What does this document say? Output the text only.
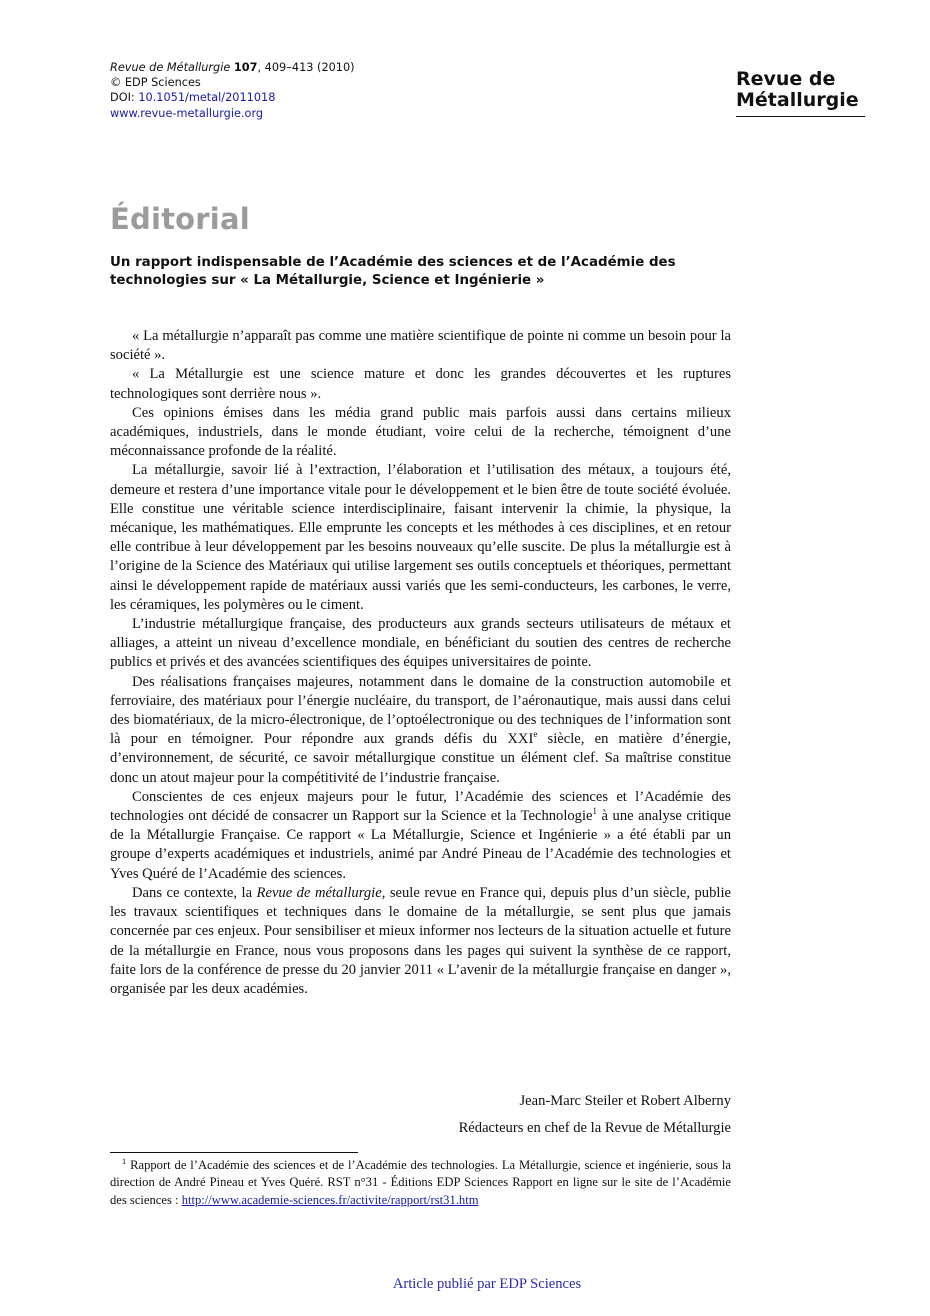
Revue de Métallurgie 107, 409–413 (2010)
© EDP Sciences
DOI: 10.1051/metal/2011018
www.revue-metallurgie.org
Revue de
Métallurgie
Éditorial
Un rapport indispensable de l’Académie des sciences et de l’Académie des technologies sur « La Métallurgie, Science et Ingénierie »

« La métallurgie n’apparaît pas comme une matière scientifique de pointe ni comme un besoin pour la société ».

« La Métallurgie est une science mature et donc les grandes découvertes et les ruptures technologiques sont derrière nous ».

Ces opinions émises dans les média grand public mais parfois aussi dans certains milieux académiques, industriels, dans le monde étudiant, voire celui de la recherche, témoignent d’une méconnaissance profonde de la réalité.

La métallurgie, savoir lié à l’extraction, l’élaboration et l’utilisation des métaux, a toujours été, demeure et restera d’une importance vitale pour le développement et le bien être de toute société évoluée. Elle constitue une véritable science interdisciplinaire, faisant intervenir la chimie, la physique, la mécanique, les mathématiques. Elle emprunte les concepts et les méthodes à ces disciplines, et en retour elle contribue à leur développement par les besoins nouveaux qu’elle suscite. De plus la métallurgie est à l’origine de la Science des Matériaux qui utilise largement ses outils conceptuels et théoriques, permettant ainsi le développement rapide de matériaux aussi variés que les semi-conducteurs, les carbones, le verre, les céramiques, les polymères ou le ciment.

L’industrie métallurgique française, des producteurs aux grands secteurs utilisateurs de métaux et alliages, a atteint un niveau d’excellence mondiale, en bénéficiant du soutien des centres de recherche publics et privés et des avancées scientifiques des équipes universitaires de pointe.

Des réalisations françaises majeures, notamment dans le domaine de la construction automobile et ferroviaire, des matériaux pour l’énergie nucléaire, du transport, de l’aéronautique, mais aussi dans celui des biomatériaux, de la micro-électronique, de l’optoélectronique ou des techniques de l’information sont là pour en témoigner. Pour répondre aux grands défis du XXIe siècle, en matière d’énergie, d’environnement, de sécurité, ce savoir métallurgique constitue un élément clef. Sa maîtrise constitue donc un atout majeur pour la compétitivité de l’industrie française.

Conscientes de ces enjeux majeurs pour le futur, l’Académie des sciences et l’Académie des technologies ont décidé de consacrer un Rapport sur la Science et la Technologie$^1$ à une analyse critique de la Métallurgie Française. Ce rapport « La Métallurgie, Science et Ingénierie » a été établi par un groupe d’experts académiques et industriels, animé par André Pineau de l’Académie des technologies et Yves Quéré de l’Académie des sciences.

Dans ce contexte, la Revue de métallurgie, seule revue en France qui, depuis plus d’un siècle, publie les travaux scientifiques et techniques dans le domaine de la métallurgie, se sent plus que jamais concernée par ces enjeux. Pour sensibiliser et mieux informer nos lecteurs de la situation actuelle et future de la métallurgie en France, nous vous proposons dans les pages qui suivent la synthèse de ce rapport, faite lors de la conférence de presse du 20 janvier 2011 « L’avenir de la métallurgie française en danger », organisée par les deux académies.

Jean-Marc Steiler et Robert Alberny
Rédacteurs en chef de la Revue de Métallurgie
$^1$ Rapport de l’Académie des sciences et de l’Académie des technologies. La Métallurgie, science et ingénierie, sous la direction de André Pineau et Yves Quéré. RST n°31 - Éditions EDP Sciences Rapport en ligne sur le site de l’Académie des sciences : http://www.academie-sciences.fr/activite/rapport/rst31.htm
Article publié par EDP Sciences
